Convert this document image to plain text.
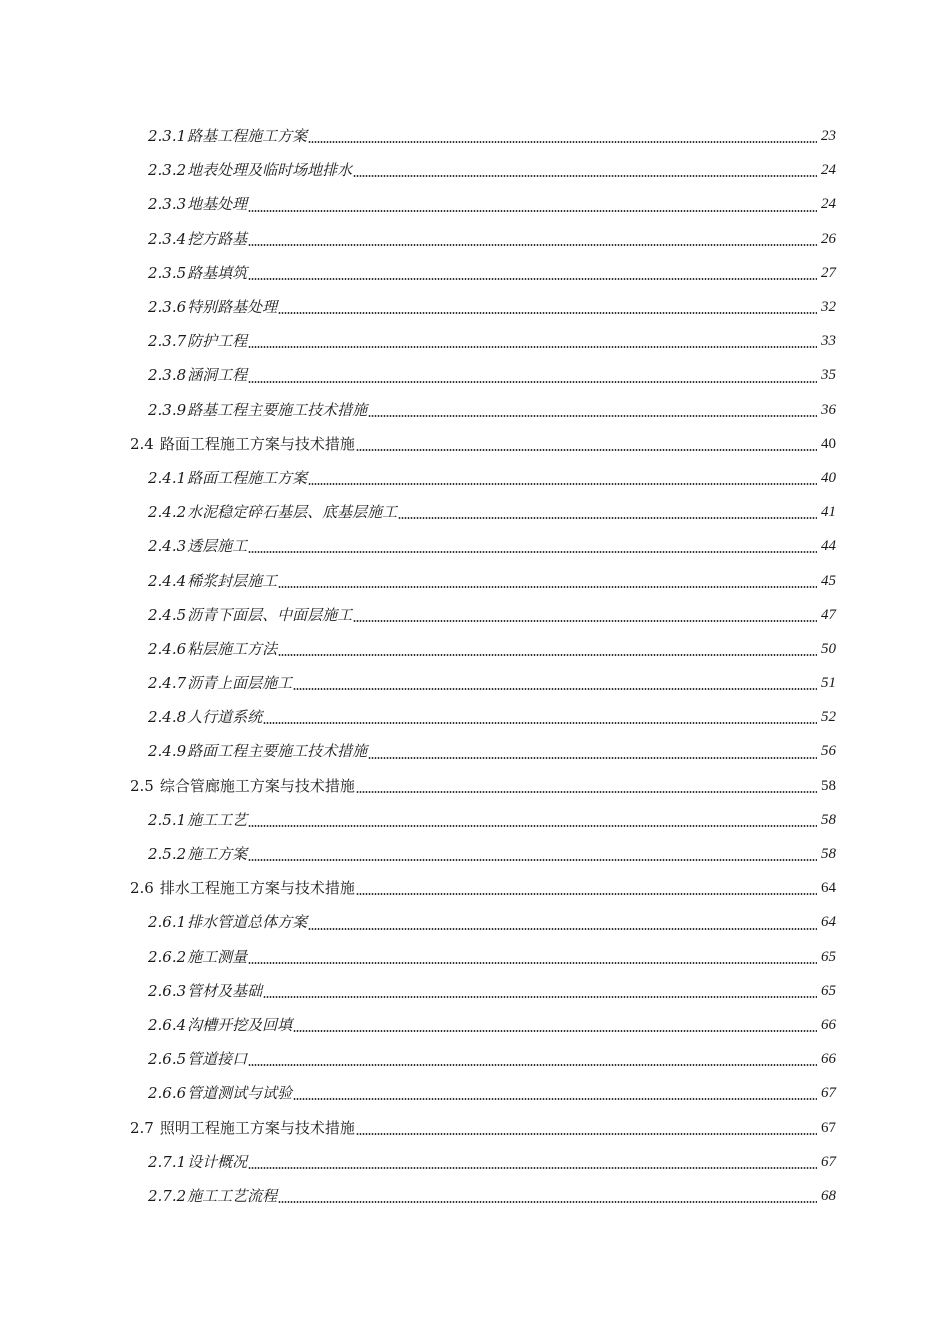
2.3.1 路基工程施工方案	23
2.3.2 地表处理及临时场地排水	24
2.3.3 地基处理	24
2.3.4 挖方路基	26
2.3.5 路基填筑	27
2.3.6 特别路基处理	32
2.3.7 防护工程	33
2.3.8 涵洞工程	35
2.3.9 路基工程主要施工技术措施	36
2.4 路面工程施工方案与技术措施	40
2.4.1 路面工程施工方案	40
2.4.2 水泥稳定碎石基层、底基层施工	41
2.4.3 透层施工	44
2.4.4 稀浆封层施工	45
2.4.5 沥青下面层、中面层施工	47
2.4.6 粘层施工方法	50
2.4.7 沥青上面层施工	51
2.4.8 人行道系统	52
2.4.9 路面工程主要施工技术措施	56
2.5 综合管廊施工方案与技术措施	58
2.5.1 施工工艺	58
2.5.2 施工方案	58
2.6 排水工程施工方案与技术措施	64
2.6.1 排水管道总体方案	64
2.6.2 施工测量	65
2.6.3 管材及基础	65
2.6.4 沟槽开挖及回填	66
2.6.5 管道接口	66
2.6.6 管道测试与试验	67
2.7 照明工程施工方案与技术措施	67
2.7.1 设计概况	67
2.7.2 施工工艺流程	68
